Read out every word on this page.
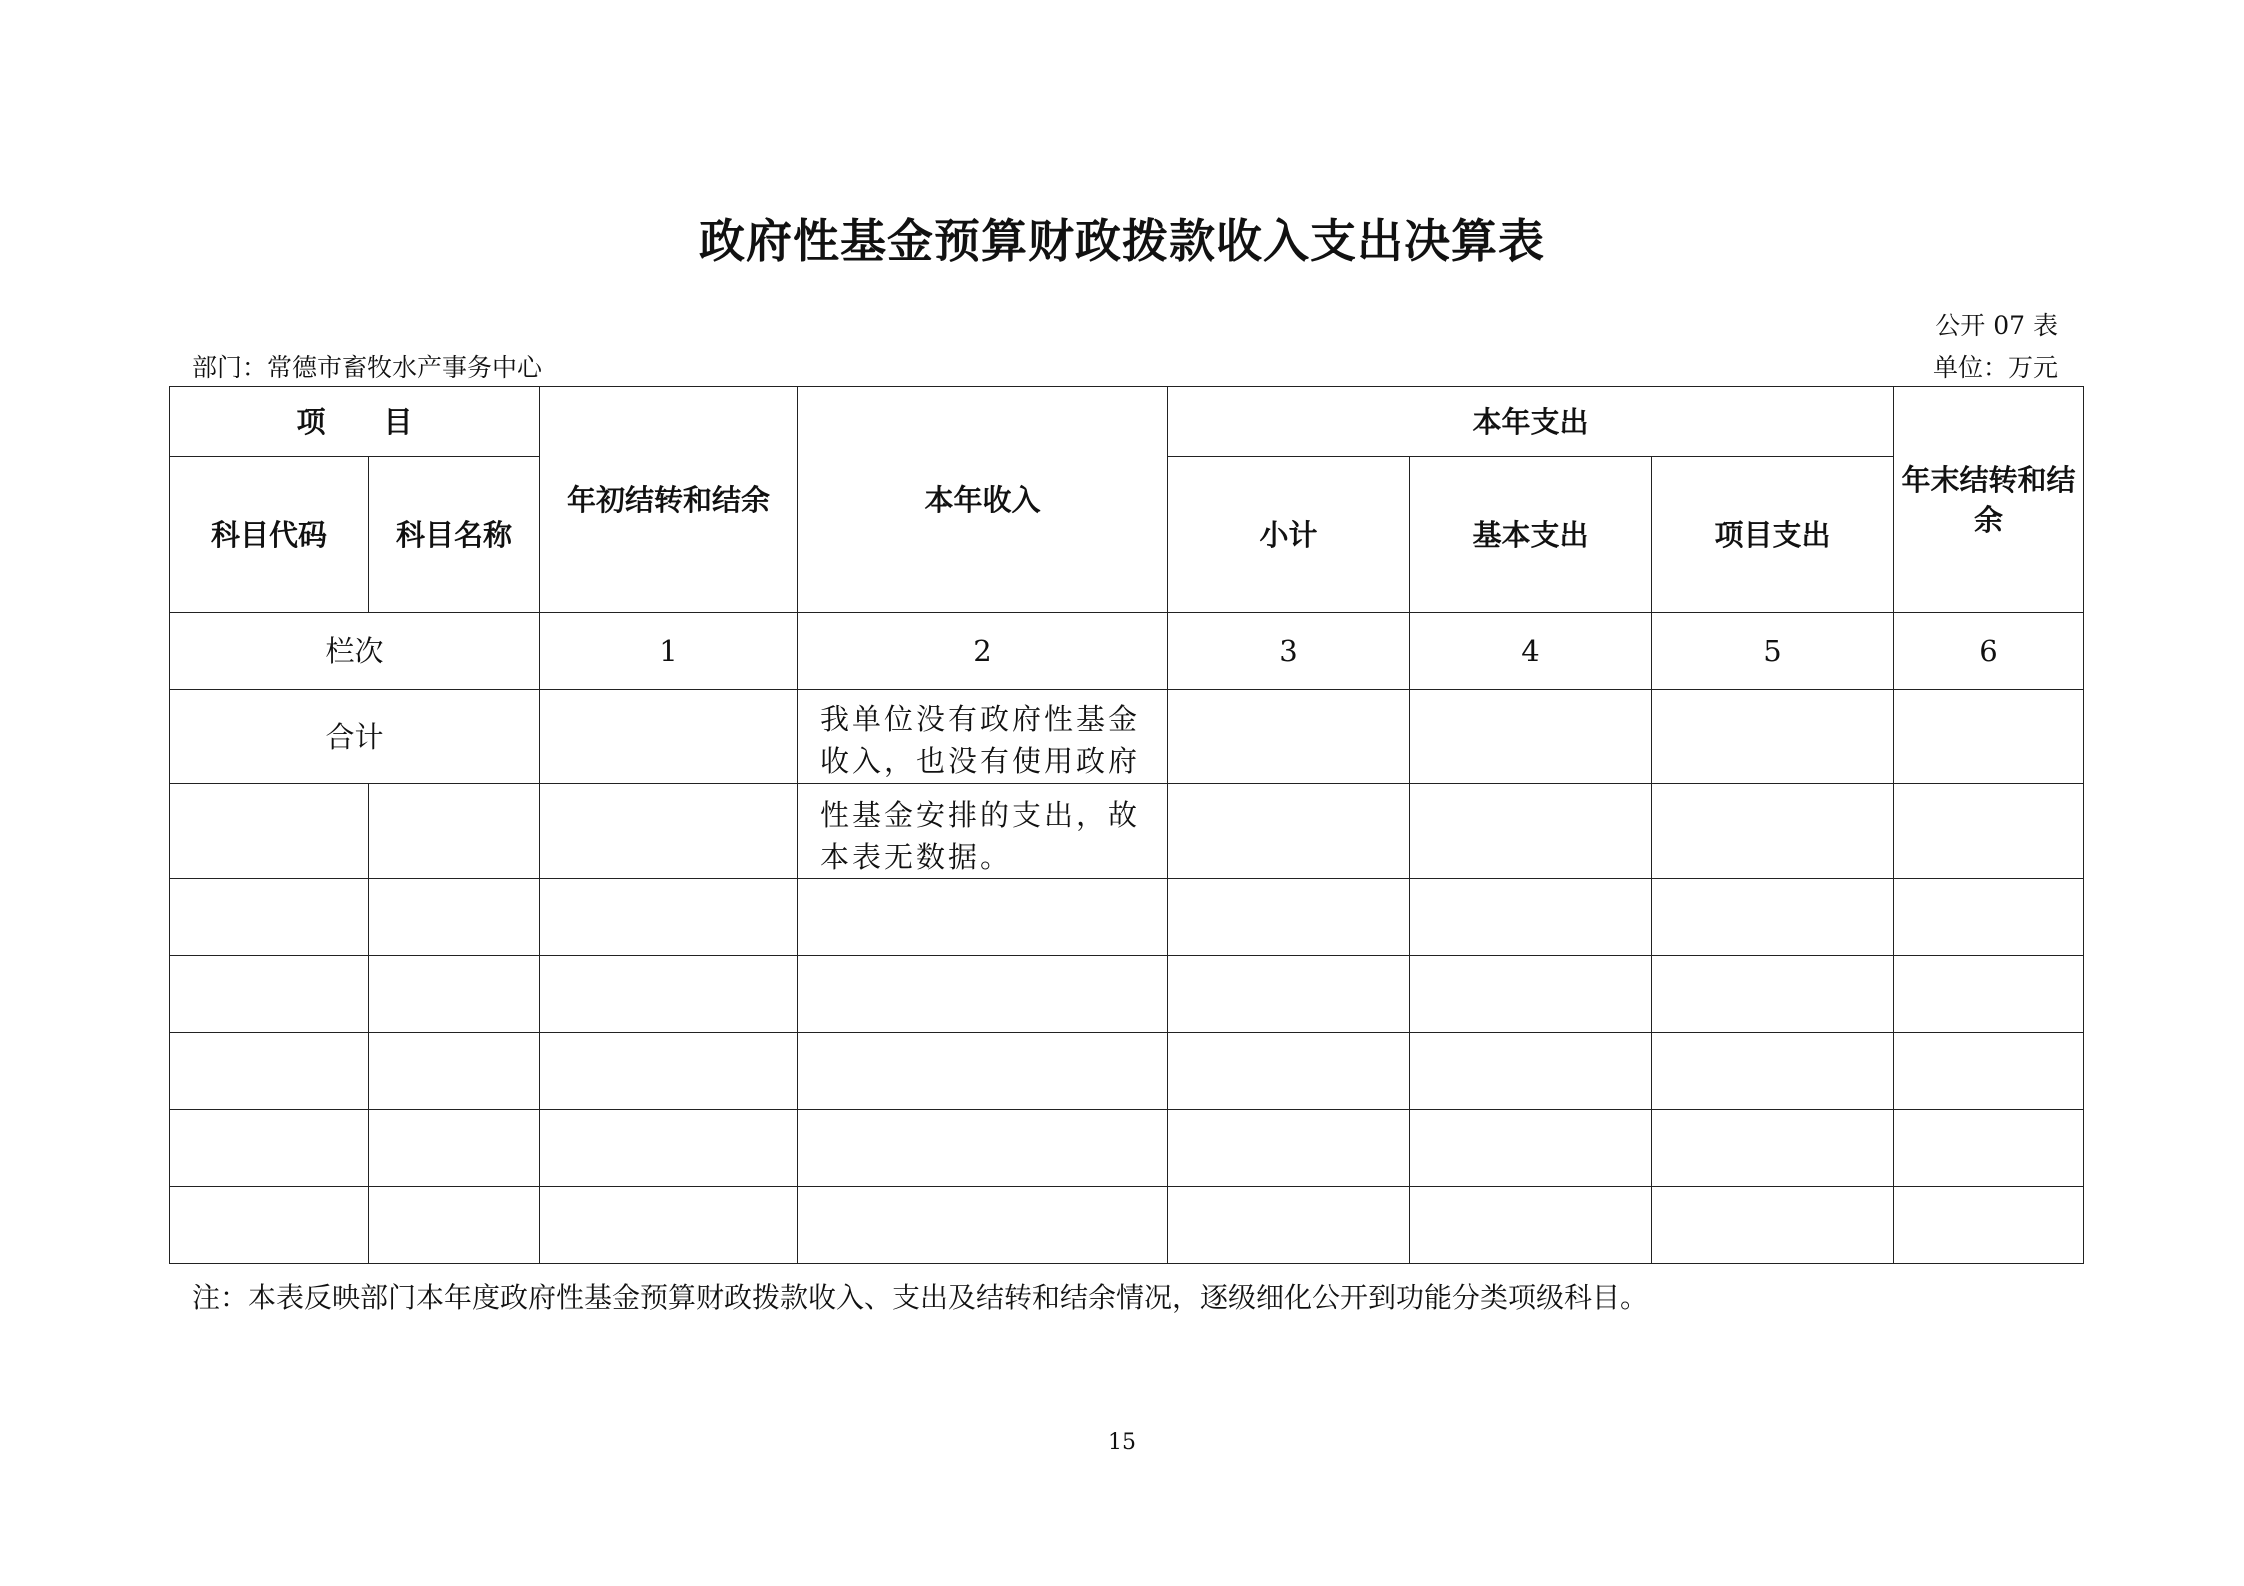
政府性基金预算财政拨款收入支出决算表
公开 07 表
部门：常德市畜牧水产事务中心	单位：万元
项　　目		年初结转和结余	本年收入	本年支出			年末结转和结余
科目代码	科目名称			小计	基本支出	项目支出	

栏次		1	2	3	4	5	6
合计			我单位没有政府性基金收入，也没有使用政府				

			性基金安排的支出，故本表无数据。				

注：本表反映部门本年度政府性基金预算财政拨款收入、支出及结转和结余情况，逐级细化公开到功能分类项级科目。
15
